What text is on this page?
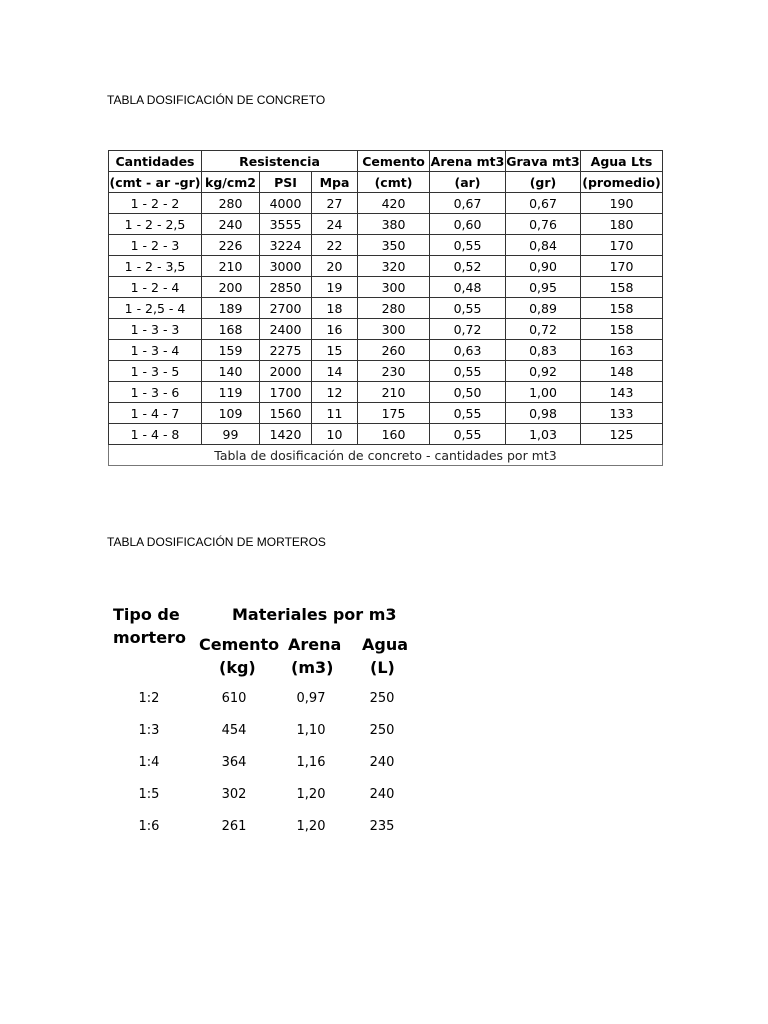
TABLA DOSIFICACIÓN DE CONCRETO
Cantidades	Resistencia			Cemento	Arena mt3	Grava mt3	Agua Lts
(cmt - ar -gr)	kg/cm2	PSI	Mpa	(cmt)	(ar)	(gr)	(promedio)
1 - 2 - 2	280	4000	27	420	0,67	0,67	190
1 - 2 - 2,5	240	3555	24	380	0,60	0,76	180
1 - 2 - 3	226	3224	22	350	0,55	0,84	170
1 - 2 - 3,5	210	3000	20	320	0,52	0,90	170
1 - 2 - 4	200	2850	19	300	0,48	0,95	158
1 - 2,5 - 4	189	2700	18	280	0,55	0,89	158
1 - 3 - 3	168	2400	16	300	0,72	0,72	158
1 - 3 - 4	159	2275	15	260	0,63	0,83	163
1 - 3 - 5	140	2000	14	230	0,55	0,92	148
1 - 3 - 6	119	1700	12	210	0,50	1,00	143
1 - 4 - 7	109	1560	11	175	0,55	0,98	133
1 - 4 - 8	99	1420	10	160	0,55	1,03	125
Tabla de dosificación de concreto - cantidades por mt3							
TABLA DOSIFICACIÓN DE MORTEROS
Tipo de
mortero
Materiales por m3
Cemento
(kg)
Arena
(m3)
Agua
(L)
1:2	610	0,97	250
1:3	454	1,10	250
1:4	364	1,16	240
1:5	302	1,20	240
1:6	261	1,20	235
